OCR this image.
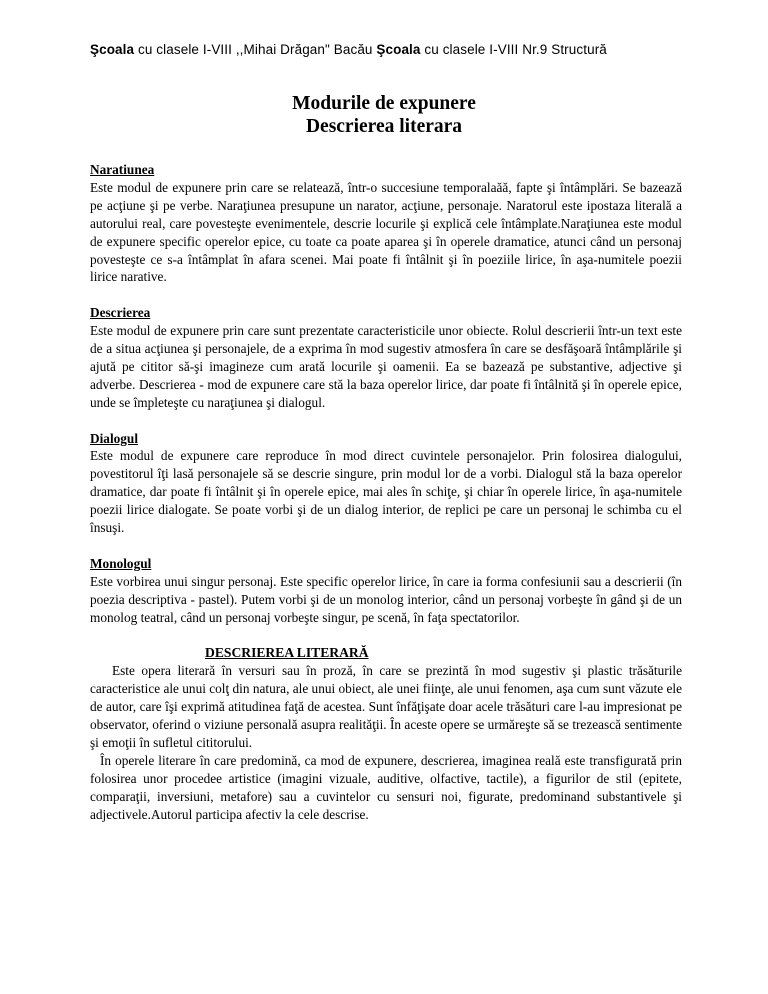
Şcoala cu clasele I-VIII ,,Mihai Drăgan" Bacău Şcoala cu clasele I-VIII Nr.9 Structură
Modurile de expunere
Descrierea literara
Naratiunea
Este modul de expunere prin care se relatează, într-o succesiune temporalaăă, fapte şi întâmplări. Se bazează pe acţiune şi pe verbe. Naraţiunea presupune un narator, acţiune, personaje. Naratorul este ipostaza literală a autorului real, care povesteşte evenimentele, descrie locurile şi explică cele întâmplate.Naraţiunea este modul de expunere specific operelor epice, cu toate ca poate aparea şi în operele dramatice, atunci când un personaj povesteşte ce s-a întâmplat în afara scenei. Mai poate fi întâlnit şi în poeziile lirice, în aşa-numitele poezii lirice narative.
Descrierea
Este modul de expunere prin care sunt prezentate caracteristicile unor obiecte. Rolul descrierii într-un text este de a situa acţiunea şi personajele, de a exprima în mod sugestiv atmosfera în care se desfăşoară întâmplările şi ajută pe cititor să-şi imagineze cum arată locurile şi oamenii. Ea se bazează pe substantive, adjective şi adverbe. Descrierea - mod de expunere care stă la baza operelor lirice, dar poate fi întâlnită şi în operele epice, unde se împleteşte cu naraţiunea şi dialogul.
Dialogul
Este modul de expunere care reproduce în mod direct cuvintele personajelor. Prin folosirea dialogului, povestitorul îţi lasă personajele să se descrie singure, prin modul lor de a vorbi. Dialogul stă la baza operelor dramatice, dar poate fi întâlnit şi în operele epice, mai ales în schiţe, şi chiar în operele lirice, în aşa-numitele poezii lirice dialogate. Se poate vorbi şi de un dialog interior, de replici pe care un personaj le schimba cu el însuşi.
Monologul
Este vorbirea unui singur personaj. Este specific operelor lirice, în care ia forma confesiunii sau a descrierii (în poezia descriptiva - pastel). Putem vorbi şi de un monolog interior, când un personaj vorbeşte în gând şi de un monolog teatral, când un personaj vorbeşte singur, pe scenă, în faţa spectatorilor.
DESCRIEREA LITERARĂ
Este opera literară în versuri sau în proză, în care se prezintă în mod sugestiv şi plastic trăsăturile caracteristice ale unui colţ din natura, ale unui obiect, ale unei fiinţe, ale unui fenomen, aşa cum sunt văzute ele de autor, care îşi exprimă atitudinea faţă de acestea. Sunt înfăţişate doar acele trăsături care l-au impresionat pe observator, oferind o viziune personală asupra realităţii. În aceste opere se urmăreşte să se trezească sentimente şi emoţii în sufletul cititorului.
În operele literare în care predomină, ca mod de expunere, descrierea, imaginea reală este transfigurată prin folosirea unor procedee artistice (imagini vizuale, auditive, olfactive, tactile), a figurilor de stil (epitete, comparaţii, inversiuni, metafore) sau a cuvintelor cu sensuri noi, figurate, predominand substantivele şi adjectivele.Autorul participa afectiv la cele descrise.
